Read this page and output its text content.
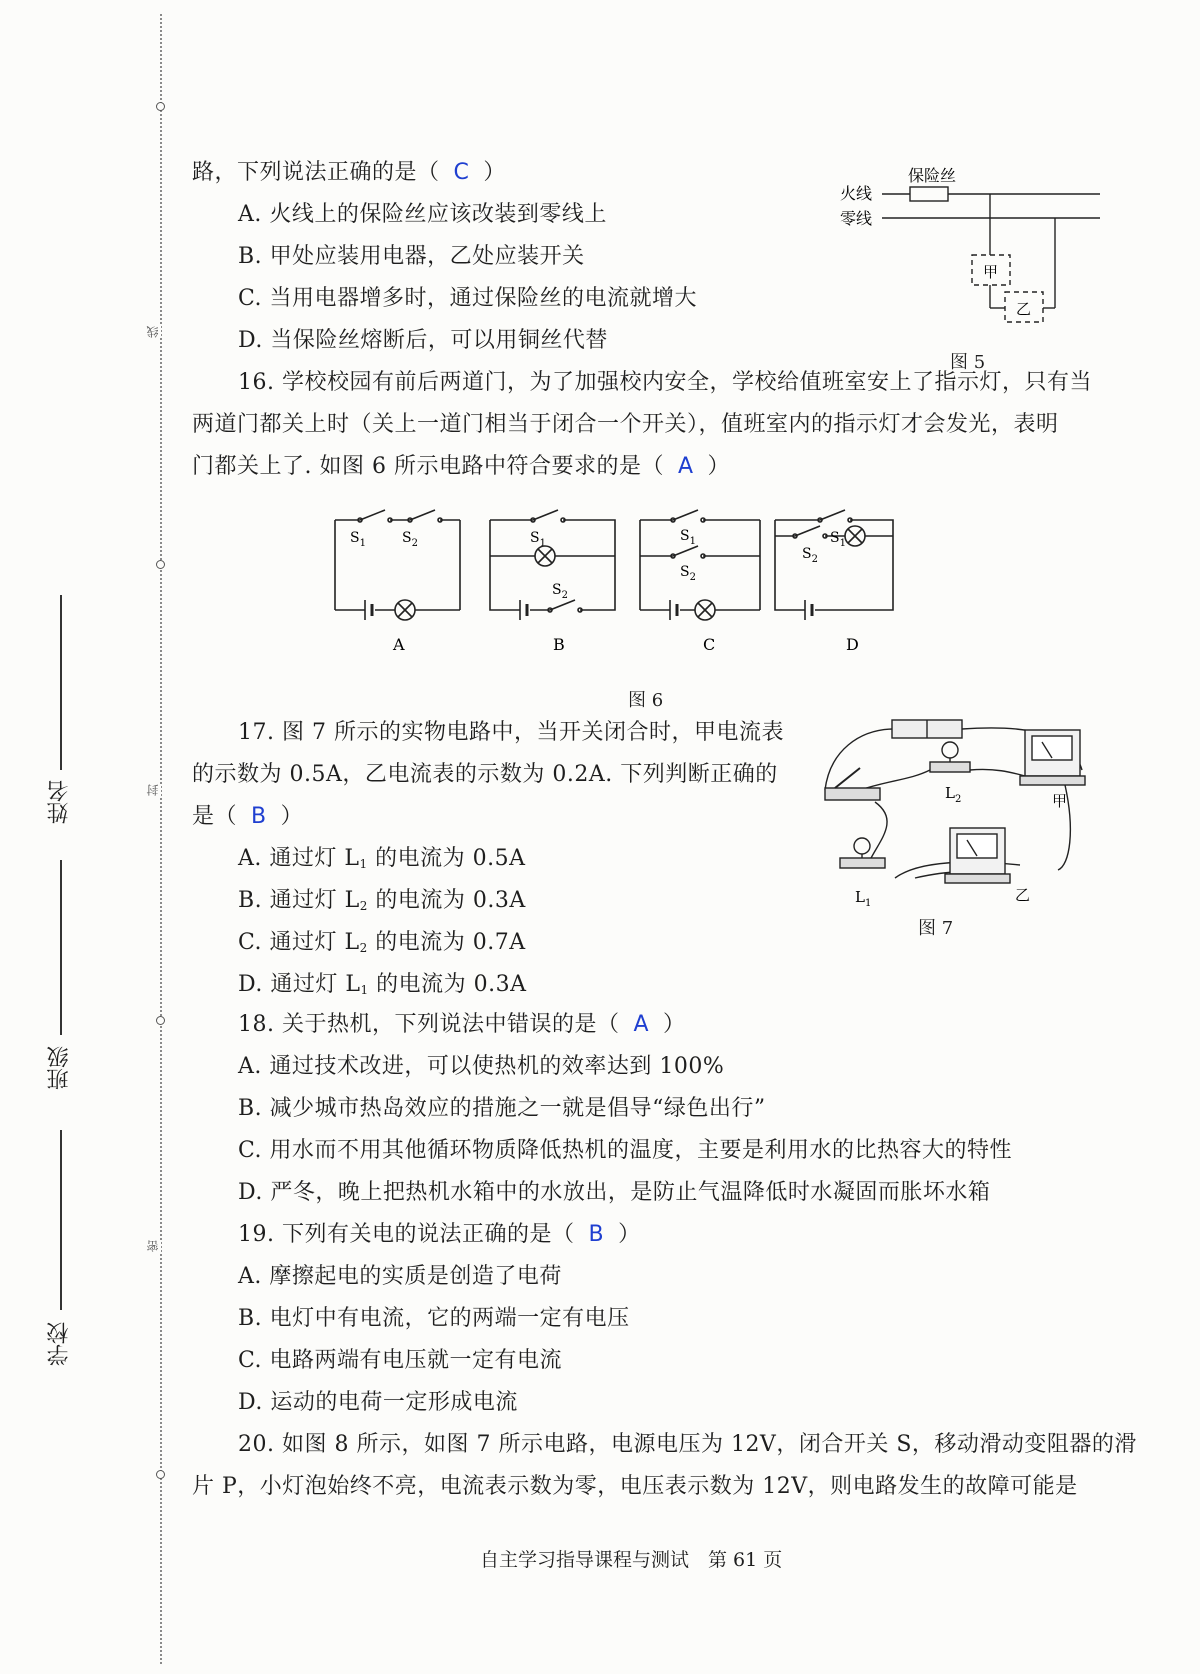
线
封
密
姓名
班级
学校
路，下列说法正确的是（ C ）
A. 火线上的保险丝应该改装到零线上
B. 甲处应装用电器，乙处应装开关
C. 当用电器增多时，通过保险丝的电流就增大
D. 当保险丝熔断后，可以用铜丝代替
保险丝
火线
零线
甲
乙
图 5
16. 学校校园有前后两道门，为了加强校内安全，学校给值班室安上了指示灯，只有当
两道门都关上时（关上一道门相当于闭合一个开关），值班室内的指示灯才会发光，表明
门都关上了. 如图 6 所示电路中符合要求的是（ A ）
$S_1$	$S_2$	$S_1$
$S_2$
$S_1$
$S_2$
$S_1$
$S_2$
A	B	C	D
图 6
17. 图 7 所示的实物电路中，当开关闭合时，甲电流表
的示数为 0.5A，乙电流表的示数为 0.2A. 下列判断正确的
是（ B ）
A. 通过灯 $L_1$ 的电流为 0.5A
B. 通过灯 $L_2$ 的电流为 0.3A
C. 通过灯 $L_2$ 的电流为 0.7A
D. 通过灯 $L_1$ 的电流为 0.3A
$L_2$	甲
$L_1$	乙
图 7
18. 关于热机，下列说法中错误的是（ A ）
A. 通过技术改进，可以使热机的效率达到 100%
B. 减少城市热岛效应的措施之一就是倡导“绿色出行”
C. 用水而不用其他循环物质降低热机的温度，主要是利用水的比热容大的特性
D. 严冬，晚上把热机水箱中的水放出，是防止气温降低时水凝固而胀坏水箱
19. 下列有关电的说法正确的是（ B ）
A. 摩擦起电的实质是创造了电荷
B. 电灯中有电流，它的两端一定有电压
C. 电路两端有电压就一定有电流
D. 运动的电荷一定形成电流
20. 如图 8 所示，如图 7 所示电路，电源电压为 12V，闭合开关 S，移动滑动变阻器的滑
片 P，小灯泡始终不亮，电流表示数为零，电压表示数为 12V，则电路发生的故障可能是
自主学习指导课程与测试　第 61 页
